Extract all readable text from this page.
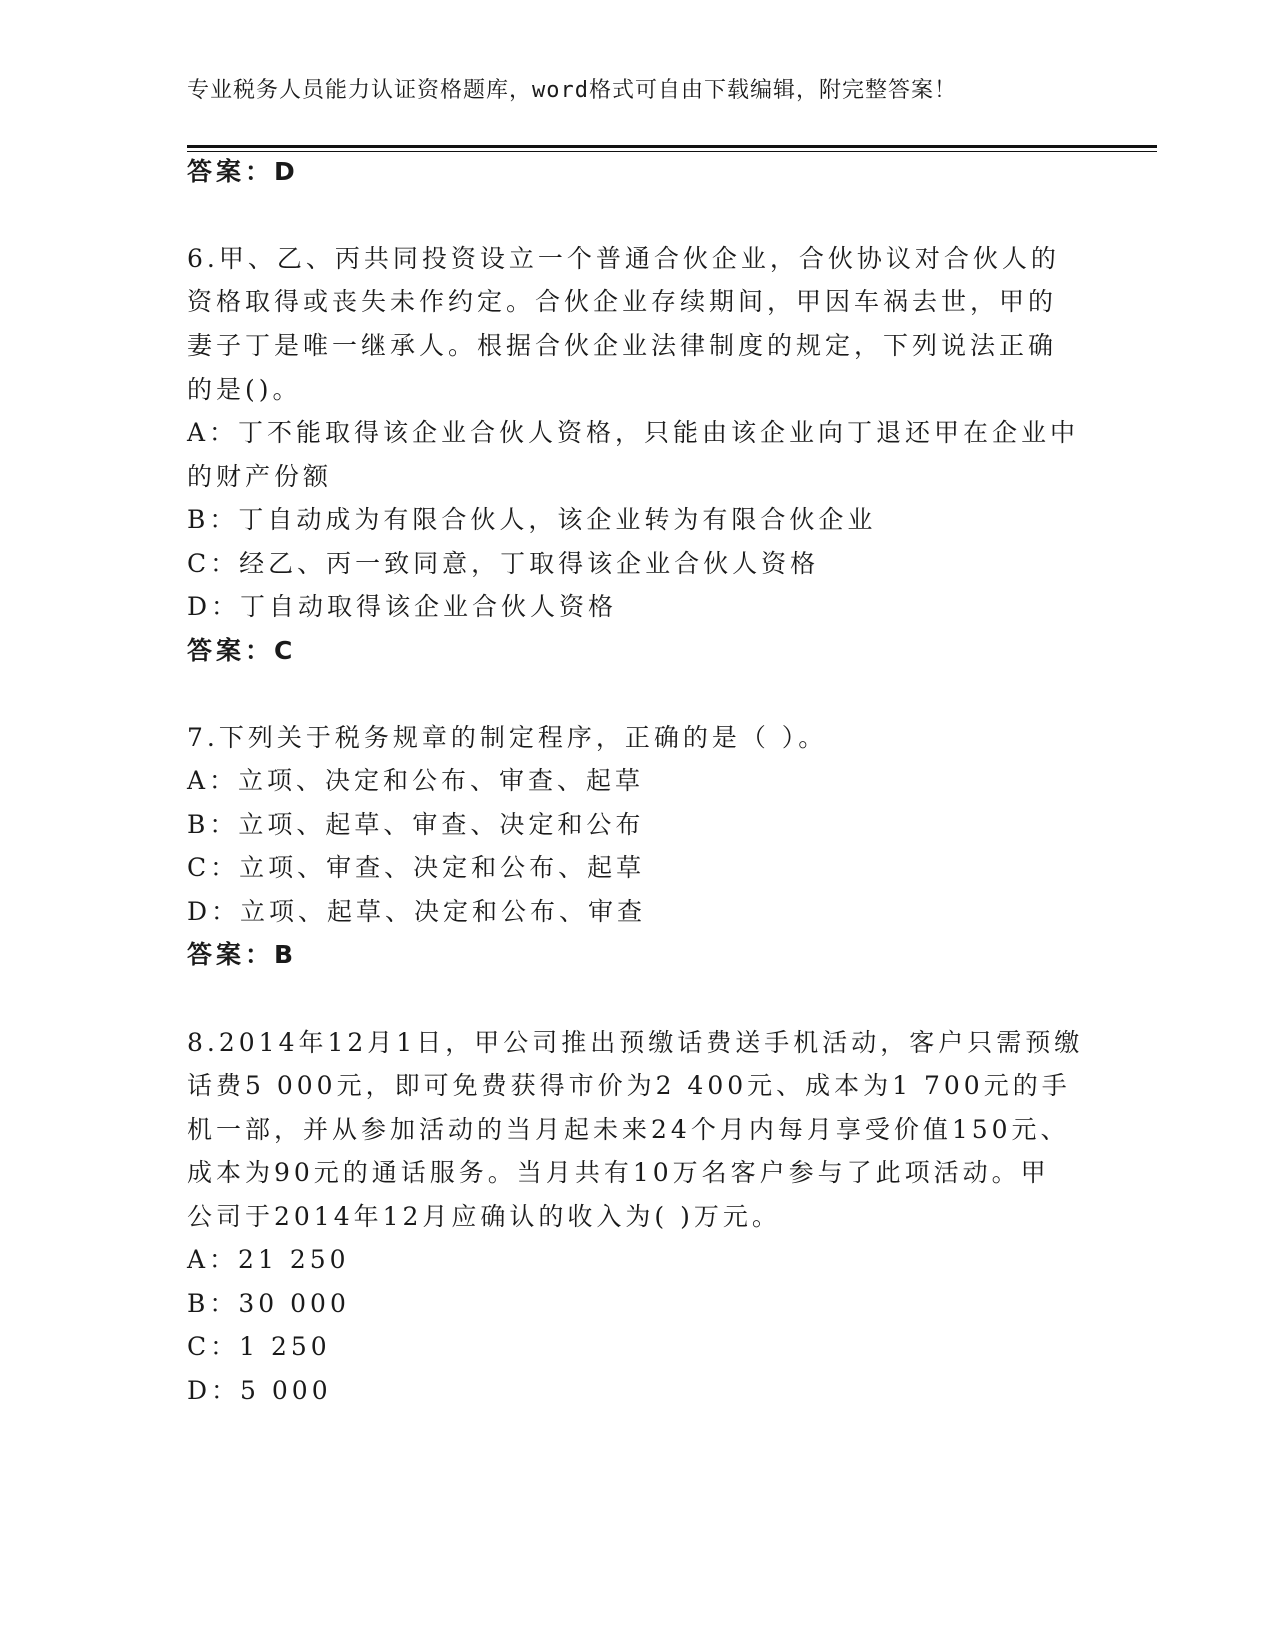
专业税务人员能力认证资格题库，word格式可自由下载编辑，附完整答案！
答案：D
6.甲、乙、丙共同投资设立一个普通合伙企业，合伙协议对合伙人的
资格取得或丧失未作约定。合伙企业存续期间，甲因车祸去世，甲的
妻子丁是唯一继承人。根据合伙企业法律制度的规定，下列说法正确
的是()。
A：丁不能取得该企业合伙人资格，只能由该企业向丁退还甲在企业中
的财产份额
B：丁自动成为有限合伙人，该企业转为有限合伙企业
C：经乙、丙一致同意，丁取得该企业合伙人资格
D：丁自动取得该企业合伙人资格
答案：C
7.下列关于税务规章的制定程序，正确的是（ ）。
A：立项、决定和公布、审查、起草
B：立项、起草、审查、决定和公布
C：立项、审查、决定和公布、起草
D：立项、起草、决定和公布、审查
答案：B
8.2014年12月1日，甲公司推出预缴话费送手机活动，客户只需预缴
话费5 000元，即可免费获得市价为2 400元、成本为1 700元的手
机一部，并从参加活动的当月起未来24个月内每月享受价值150元、
成本为90元的通话服务。当月共有10万名客户参与了此项活动。甲
公司于2014年12月应确认的收入为( )万元。
A：21 250
B：30 000
C：1 250
D：5 000
